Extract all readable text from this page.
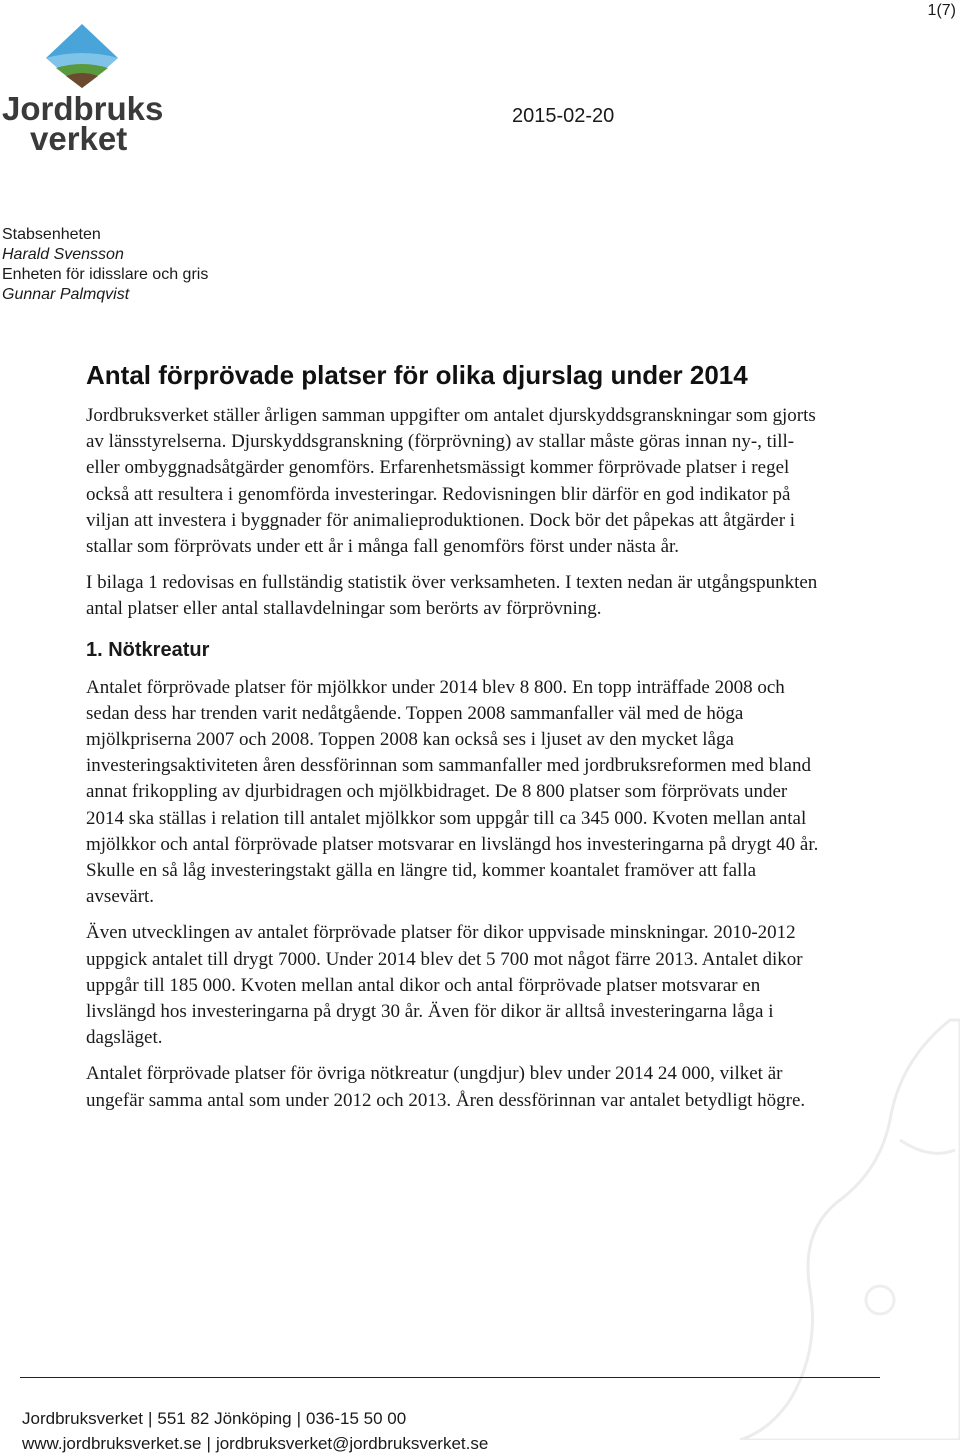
1(7)
Jordbruks
verket
2015-02-20
Stabsenheten
Harald Svensson
Enheten för idisslare och gris
Gunnar Palmqvist
Antal förprövade platser för olika djurslag under 2014

Jordbruksverket ställer årligen samman uppgifter om antalet djurskyddsgranskningar som gjorts av länsstyrelserna. Djurskyddsgranskning (förprövning) av stallar måste göras innan ny-, till- eller ombyggnadsåtgärder genomförs. Erfarenhetsmässigt kommer förprövade platser i regel också att resultera i genomförda investeringar. Redovisningen blir därför en god indikator på viljan att investera i byggnader för animalieproduktionen. Dock bör det påpekas att åtgärder i stallar som förprövats under ett år i många fall genomförs först under nästa år.

I bilaga 1 redovisas en fullständig statistik över verksamheten. I texten nedan är utgångspunkten antal platser eller antal stallavdelningar som berörts av förprövning.

1. Nötkreatur

Antalet förprövade platser för mjölkkor under 2014 blev 8 800. En topp inträffade 2008 och sedan dess har trenden varit nedåtgående. Toppen 2008 sammanfaller väl med de höga mjölkpriserna 2007 och 2008. Toppen 2008 kan också ses i ljuset av den mycket låga investeringsaktiviteten åren dessförinnan som sammanfaller med jordbruksreformen med bland annat frikoppling av djurbidragen och mjölkbidraget. De 8 800 platser som förprövats under 2014 ska ställas i relation till antalet mjölkkor som uppgår till ca 345 000. Kvoten mellan antal mjölkkor och antal förprövade platser motsvarar en livslängd hos investeringarna på drygt 40 år. Skulle en så låg investeringstakt gälla en längre tid, kommer koantalet framöver att falla avsevärt.

Även utvecklingen av antalet förprövade platser för dikor uppvisade minskningar. 2010-2012 uppgick antalet till drygt 7000. Under 2014 blev det 5 700 mot något färre 2013. Antalet dikor uppgår till 185 000. Kvoten mellan antal dikor och antal förprövade platser motsvarar en livslängd hos investeringarna på drygt 30 år. Även för dikor är alltså investeringarna låga i dagsläget.

Antalet förprövade platser för övriga nötkreatur (ungdjur) blev under 2014 24 000, vilket är ungefär samma antal som under 2012 och 2013. Åren dessförinnan var antalet betydligt högre.

Jordbruksverket | 551 82 Jönköping | 036-15 50 00
www.jordbruksverket.se | jordbruksverket@jordbruksverket.se
